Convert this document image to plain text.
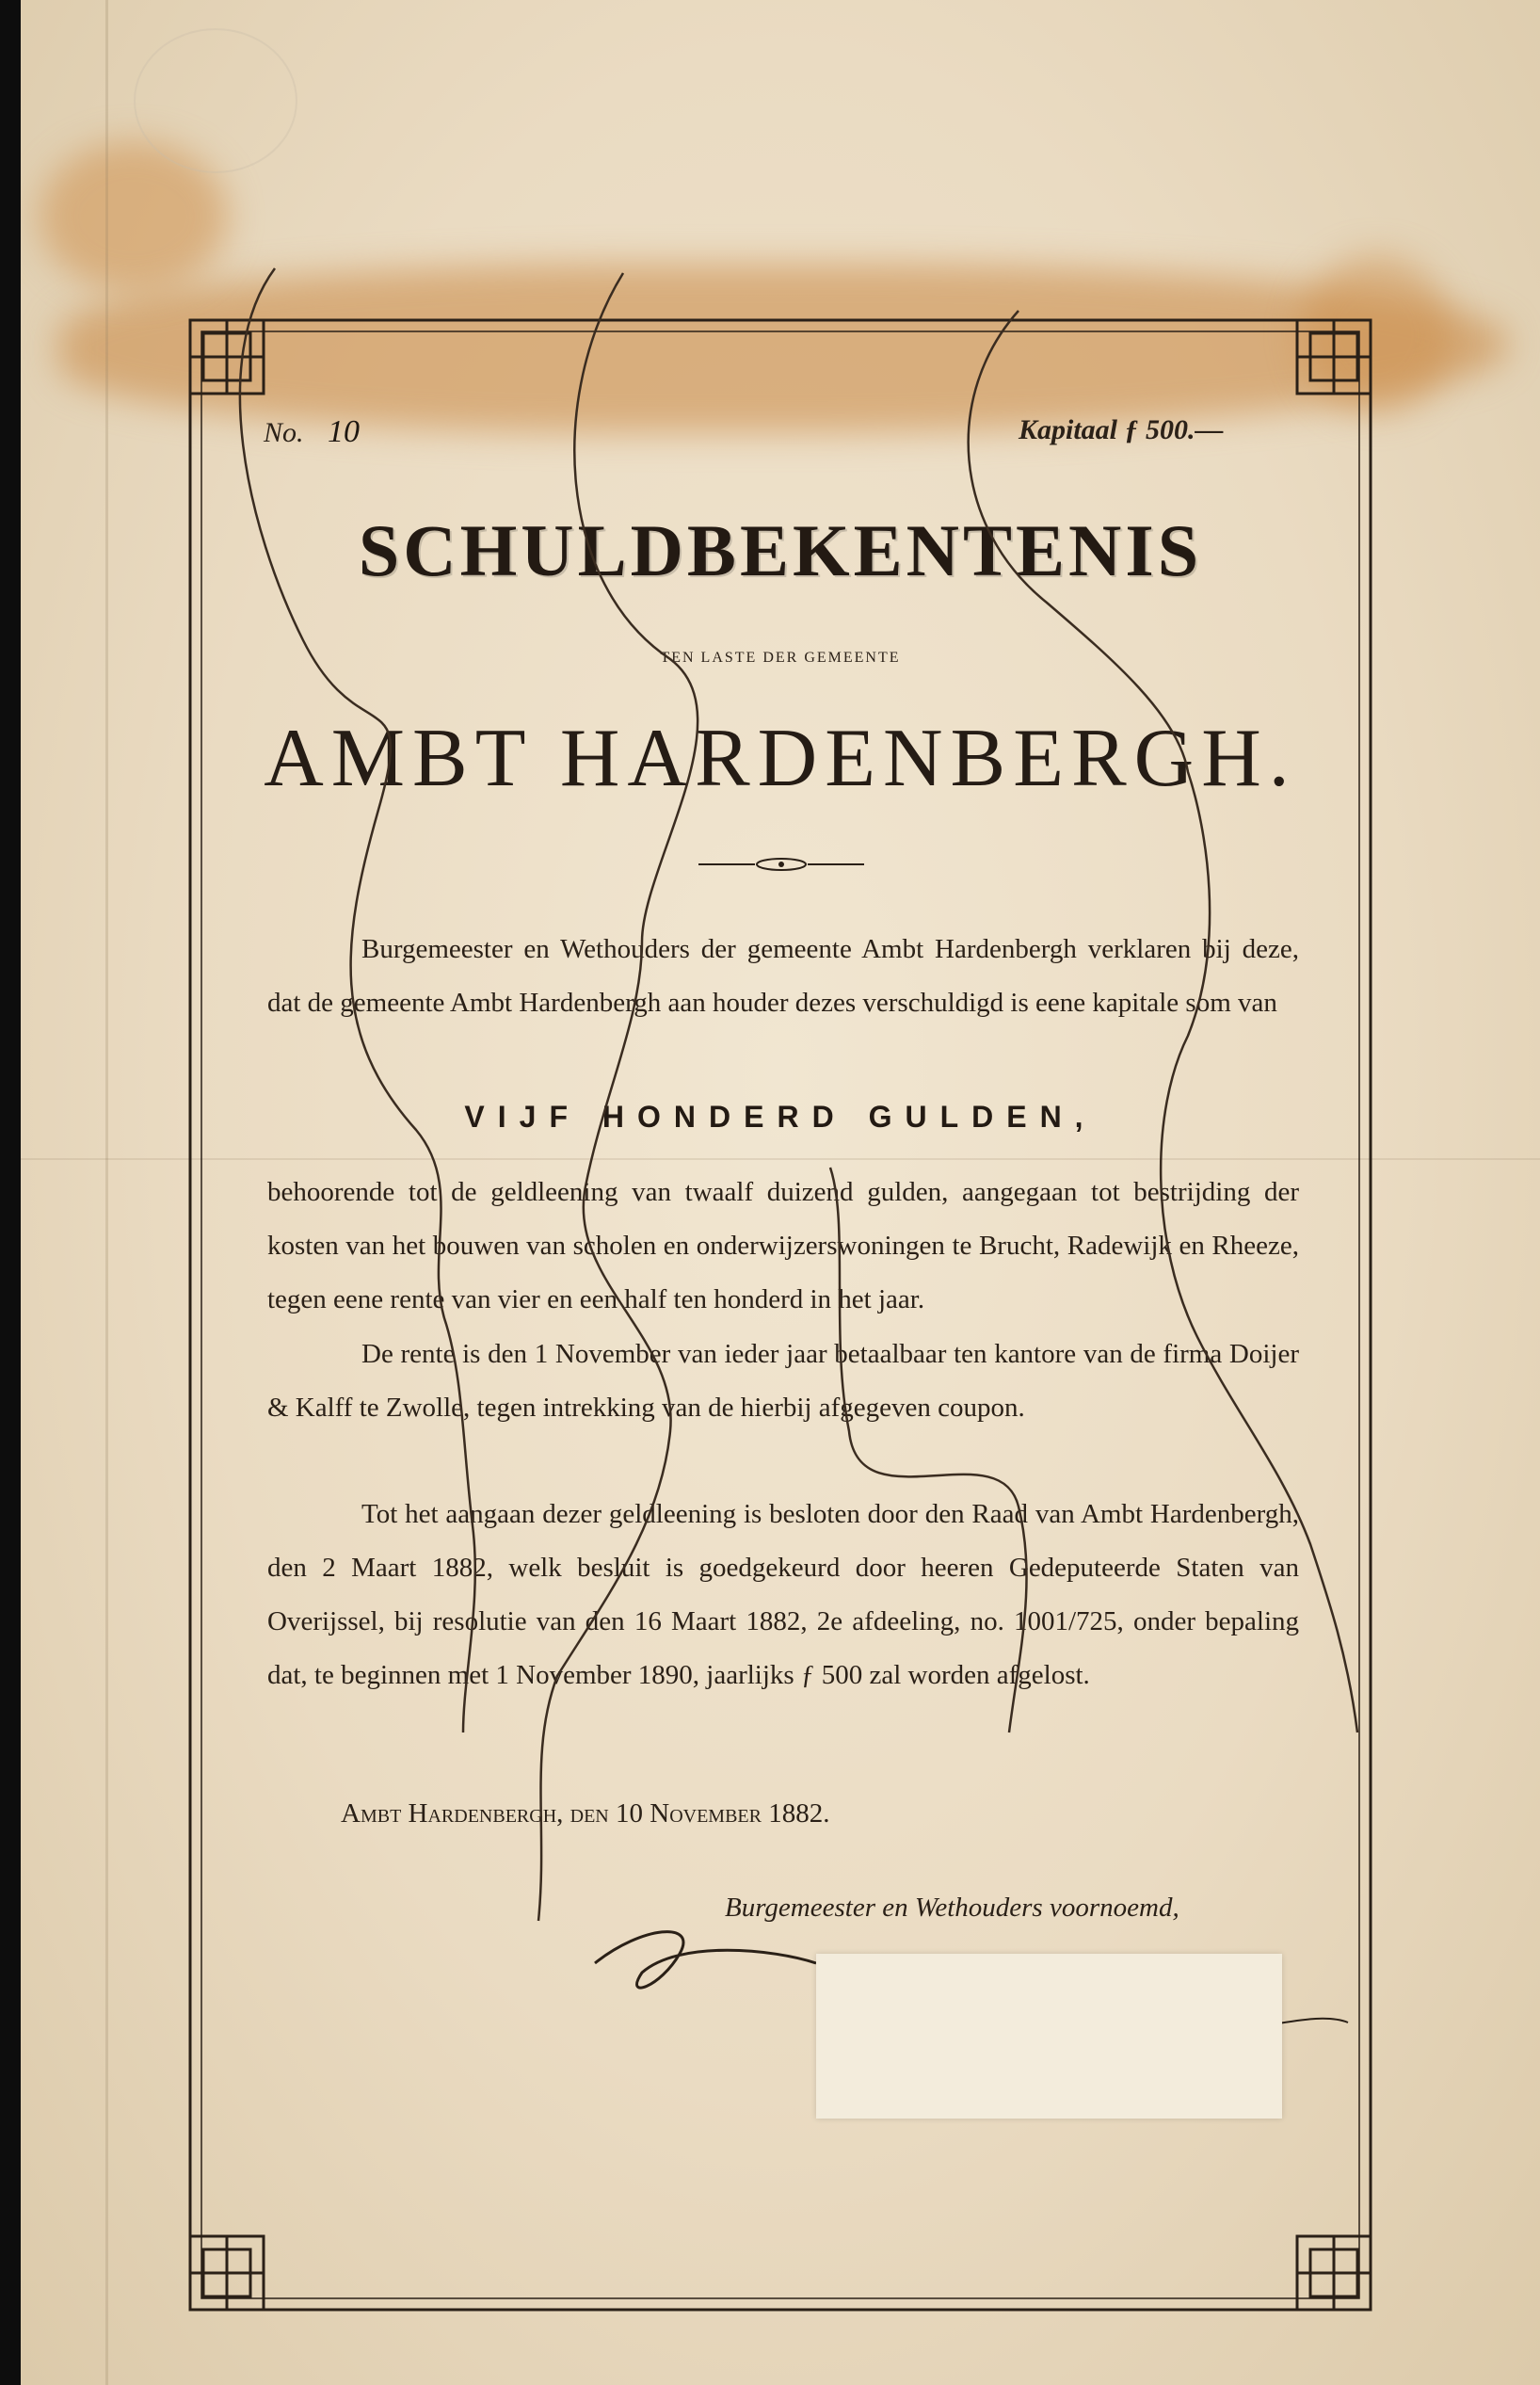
No. 10	Kapitaal ƒ 500.—
SCHULDBEKENTENIS
TEN LASTE DER GEMEENTE
AMBT HARDENBERGH.
Burgemeester en Wethouders der gemeente Ambt Hardenbergh verklaren bij deze, dat de gemeente Ambt Hardenbergh aan houder dezes verschuldigd is eene kapitale som van
VIJF HONDERD GULDEN,
behoorende tot de geldleening van twaalf duizend gulden, aangegaan tot bestrijding der kosten van het bouwen van scholen en onderwijzerswoningen te Brucht, Radewijk en Rheeze, tegen eene rente van vier en een half ten honderd in het jaar.
De rente is den 1 November van ieder jaar betaalbaar ten kantore van de firma Doijer & Kalff te Zwolle, tegen intrekking van de hierbij afgegeven coupon.
Tot het aangaan dezer geldleening is besloten door den Raad van Ambt Hardenbergh, den 2 Maart 1882, welk besluit is goedgekeurd door heeren Gedeputeerde Staten van Overijssel, bij resolutie van den 16 Maart 1882, 2e afdeeling, no. 1001/725, onder bepaling dat, te beginnen met 1 November 1890, jaarlijks ƒ 500 zal worden afgelost.
Ambt Hardenbergh, den 10 November 1882.
Burgemeester en Wethouders voornoemd,
